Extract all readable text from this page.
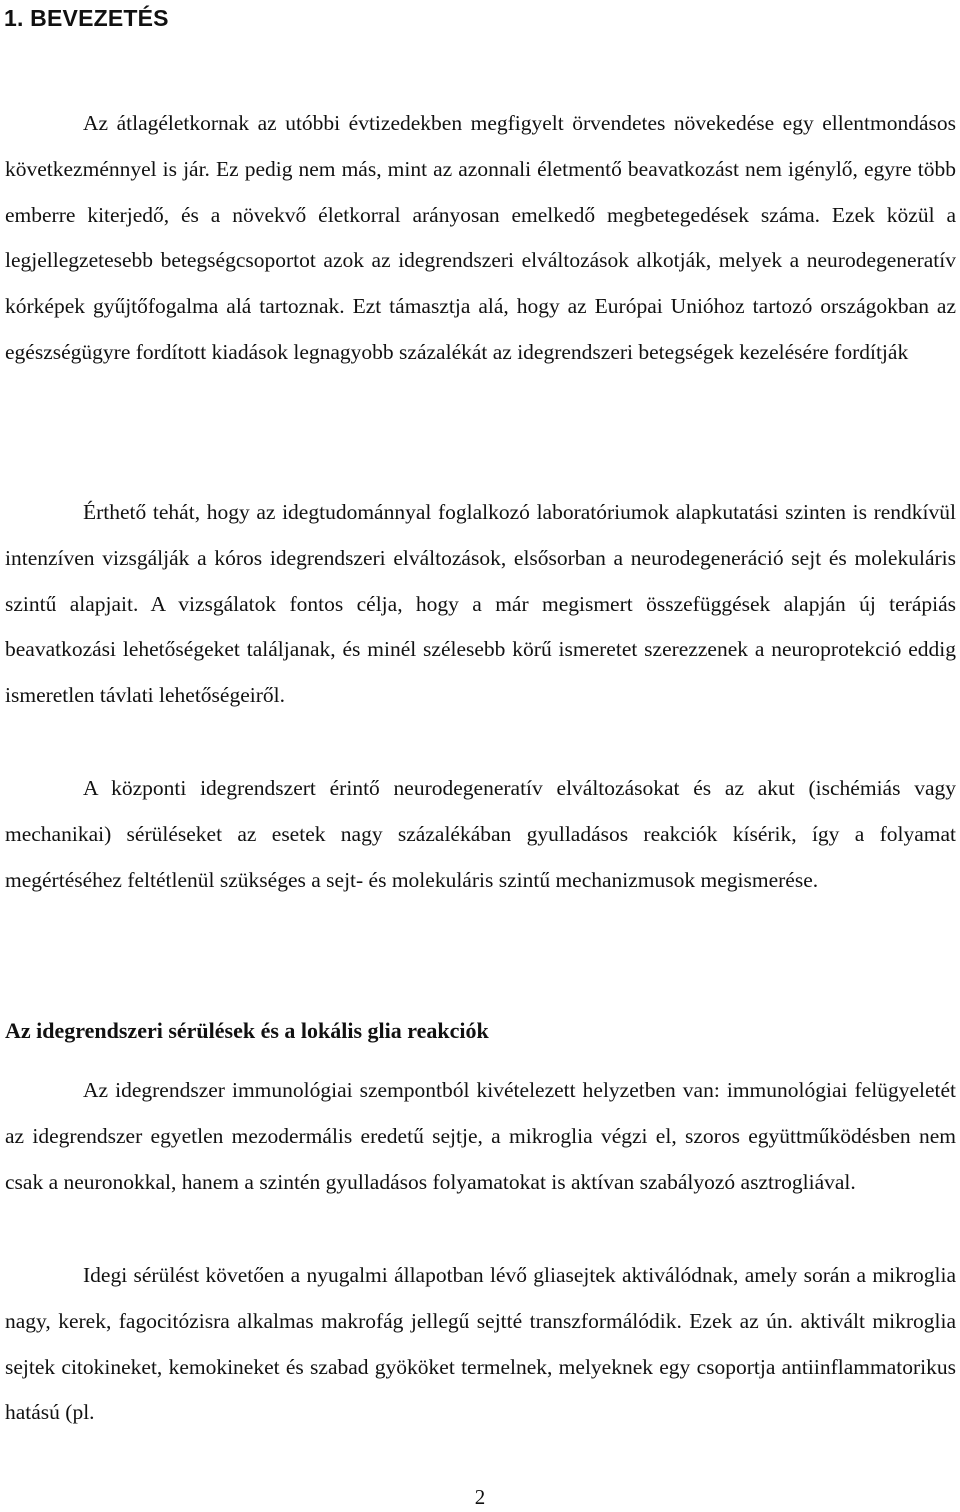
1. BEVEZETÉS

Az átlagéletkornak az utóbbi évtizedekben megfigyelt örvendetes növekedése egy ellentmondásos következménnyel is jár. Ez pedig nem más, mint az azonnali életmentő beavatkozást nem igénylő, egyre több emberre kiterjedő, és a növekvő életkorral arányosan emelkedő megbetegedések száma. Ezek közül a legjellegzetesebb betegségcsoportot azok az idegrendszeri elváltozások alkotják, melyek a neurodegeneratív kórképek gyűjtőfogalma alá tartoznak. Ezt támasztja alá, hogy az Európai Unióhoz tartozó országokban az egészségügyre fordított kiadások legnagyobb százalékát az idegrendszeri betegségek kezelésére fordítják

Érthető tehát, hogy az idegtudománnyal foglalkozó laboratóriumok alapkutatási szinten is rendkívül intenzíven vizsgálják a kóros idegrendszeri elváltozások, elsősorban a neurodegeneráció sejt és molekuláris szintű alapjait. A vizsgálatok fontos célja, hogy a már megismert összefüggések alapján új terápiás beavatkozási lehetőségeket találjanak, és minél szélesebb körű ismeretet szerezzenek a neuroprotekció eddig ismeretlen távlati lehetőségeiről.

A központi idegrendszert érintő neurodegeneratív elváltozásokat és az akut (ischémiás vagy mechanikai) sérüléseket az esetek nagy százalékában gyulladásos reakciók kísérik, így a folyamat megértéséhez feltétlenül szükséges a sejt- és molekuláris szintű mechanizmusok megismerése.

Az idegrendszeri sérülések és a lokális glia reakciók

Az idegrendszer immunológiai szempontból kivételezett helyzetben van: immunológiai felügyeletét az idegrendszer egyetlen mezodermális eredetű sejtje, a mikroglia végzi el, szoros együttműködésben nem csak a neuronokkal, hanem a szintén gyulladásos folyamatokat is aktívan szabályozó asztrogliával.

Idegi sérülést követően a nyugalmi állapotban lévő gliasejtek aktiválódnak, amely során a mikroglia nagy, kerek, fagocitózisra alkalmas makrofág jellegű sejtté transzformálódik. Ezek az ún. aktivált mikroglia sejtek citokineket, kemokineket és szabad gyököket termelnek, melyeknek egy csoportja antiinflammatorikus hatású (pl.

2
